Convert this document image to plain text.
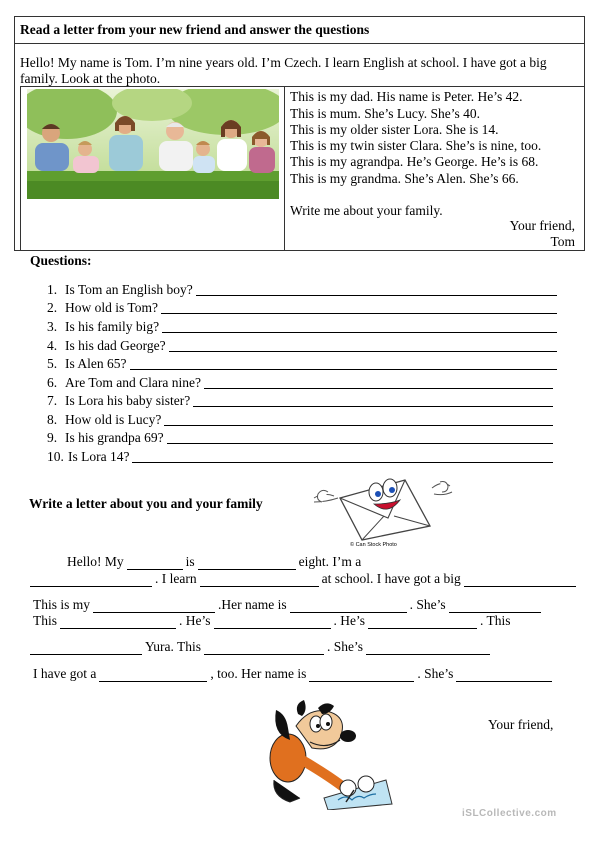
Read a letter from your new friend and answer the questions
Hello! My name is Tom. I’m nine years old. I’m Czech. I learn English at school. I have got a big
family. Look at the photo.
This is my dad. His name is Peter. He’s 42.
This is mum. She’s Lucy. She’s 40.
This is my older sister Lora. She is 14.
This is my twin sister Clara. She’s is nine, too.
This is my agrandpa. He’s George. He’s is 68.
This is my grandma. She’s Alen. She’s 66.
Write me about your family.
Your friend,
Tom
Questions:
1. Is Tom an English boy?
2. How old is Tom?
3. Is his family big?
4. Is his dad George?
5. Is Alen 65?
6. Are Tom and Clara nine?
7. Is Lora his baby sister?
8. How old is Lucy?
9. Is his grandpa 69?
10. Is Lora 14?
Write a letter about you and your family
© Can Stock Photo
Hello! My	is	eight. I’m a
. I learn	at school. I have got a big
This is my	.Her name is	. She’s
This	. He’s	. He’s	. This
Yura. This	. She’s
I have got a	, too. Her name is	. She’s
Your friend,
iSLCollective.com
